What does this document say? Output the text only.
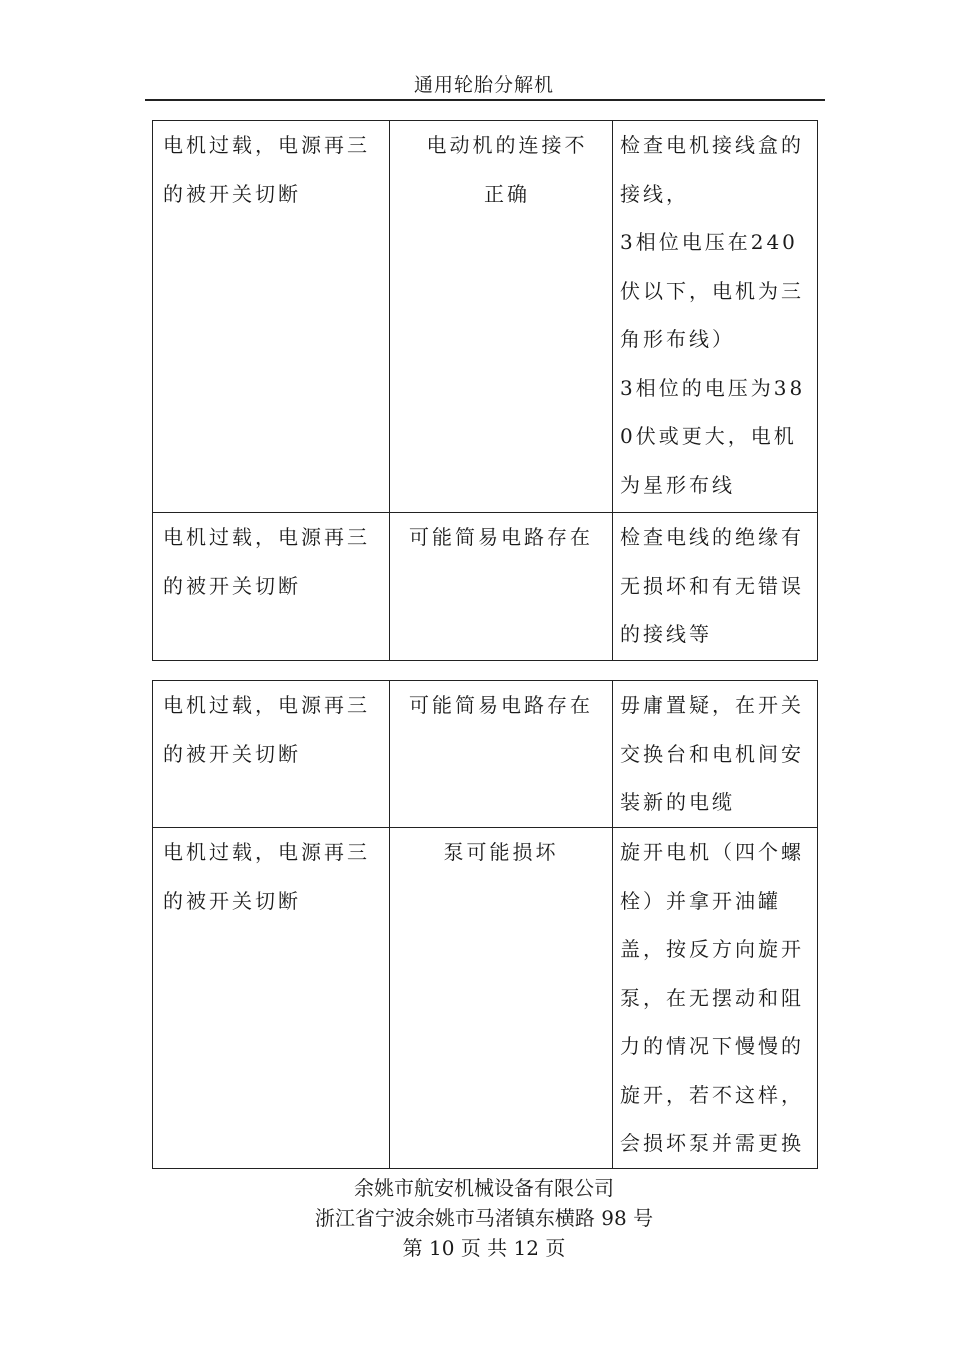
通用轮胎分解机
电机过载，电源再三的被开关切断	电动机的连接不正确	检查电机接线盒的接线，
3相位电压在240伏以下，电机为三角形布线）
3相位的电压为380伏或更大，电机为星形布线

电机过载，电源再三的被开关切断	可能简易电路存在	检查电线的绝缘有无损坏和有无错误的接线等
电机过载，电源再三的被开关切断	可能简易电路存在	毋庸置疑，在开关交换台和电机间安装新的电缆

电机过载，电源再三的被开关切断	泵可能损坏	旋开电机（四个螺栓）并拿开油罐盖，按反方向旋开泵，在无摆动和阻力的情况下慢慢的旋开，若不这样，会损坏泵并需更换
余姚市航安机械设备有限公司
浙江省宁波余姚市马渚镇东横路 98 号
第 10 页 共 12 页
